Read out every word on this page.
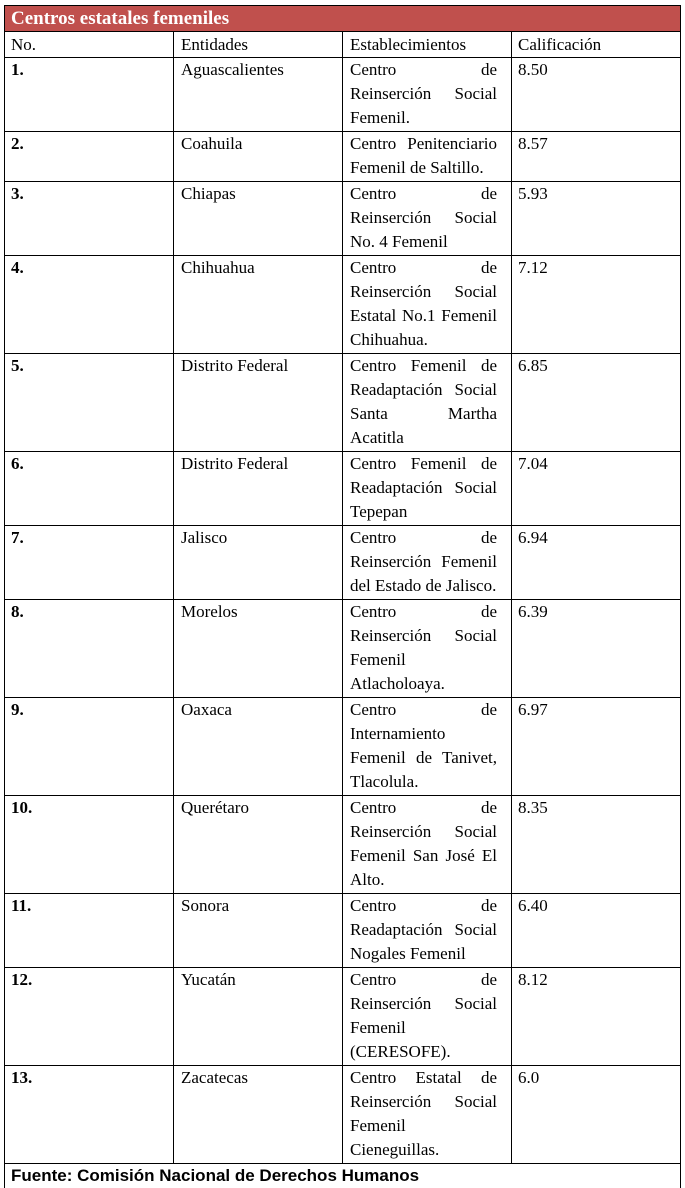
Centros estatales femeniles			
No.	Entidades	Establecimientos	Calificación
1.	Aguascalientes	Centro de Reinserción Social Femenil.	8.50
2.	Coahuila	Centro Penitenciario Femenil de Saltillo.	8.57
3.	Chiapas	Centro de Reinserción Social No. 4 Femenil	5.93
4.	Chihuahua	Centro de Reinserción Social Estatal No.1 Femenil Chihuahua.	7.12
5.	Distrito Federal	Centro Femenil de Readaptación Social Santa Martha Acatitla	6.85
6.	Distrito Federal	Centro Femenil de Readaptación Social Tepepan	7.04
7.	Jalisco	Centro de Reinserción Femenil del Estado de Jalisco.	6.94
8.	Morelos	Centro de Reinserción Social Femenil Atlacholoaya.	6.39
9.	Oaxaca	Centro de Internamiento Femenil de Tanivet, Tlacolula.	6.97
10.	Querétaro	Centro de Reinserción Social Femenil San José El Alto.	8.35
11.	Sonora	Centro de Readaptación Social Nogales Femenil	6.40
12.	Yucatán	Centro de Reinserción Social Femenil (CERESOFE).	8.12
13.	Zacatecas	Centro Estatal de Reinserción Social Femenil Cieneguillas.	6.0
Fuente: Comisión Nacional de Derechos Humanos			
